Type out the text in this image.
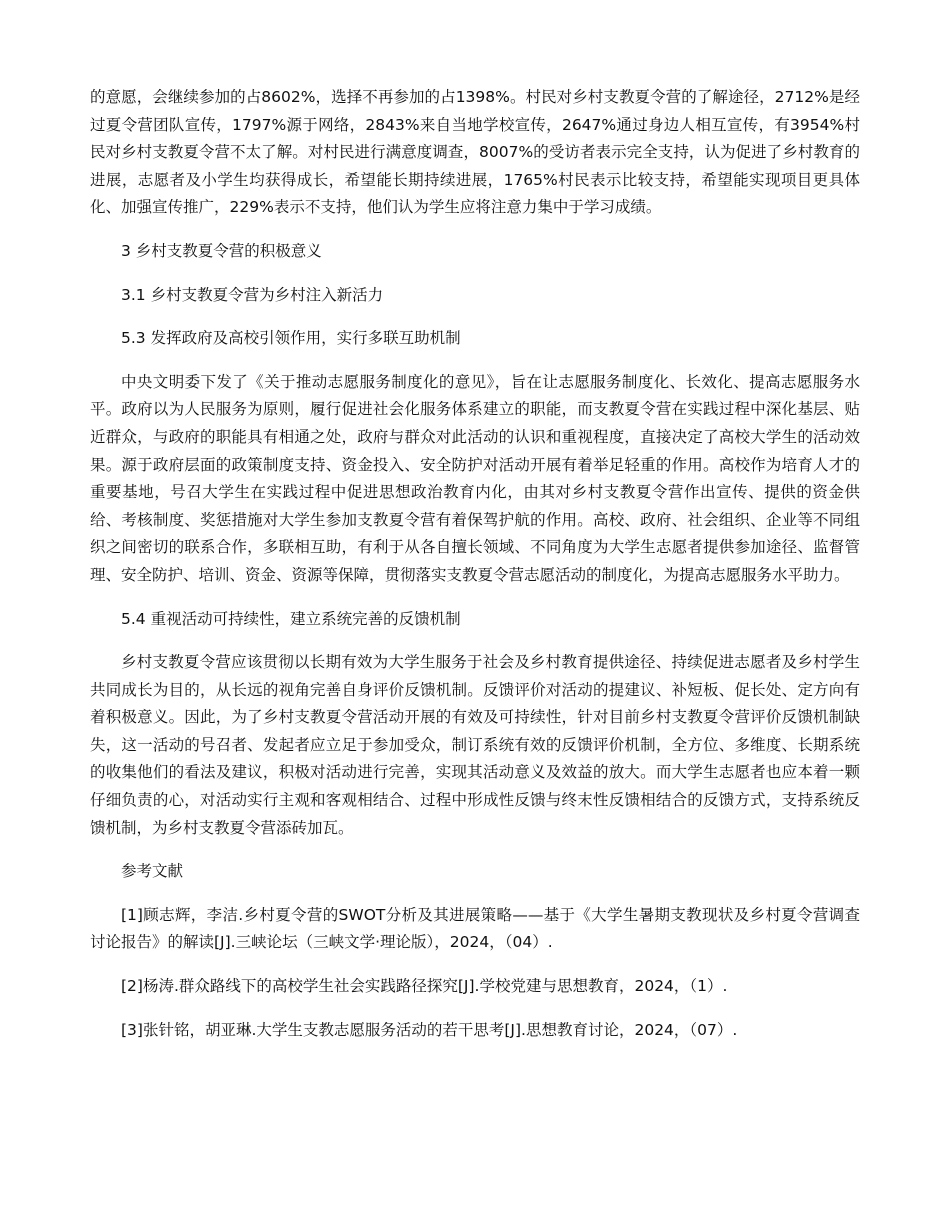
的意愿，会继续参加的占8602%，选择不再参加的占1398%。村民对乡村支教夏令营的了解途径，2712%是经过夏令营团队宣传，1797%源于网络，2843%来自当地学校宣传，2647%通过身边人相互宣传，有3954%村民对乡村支教夏令营不太了解。对村民进行满意度调查，8007%的受访者表示完全支持，认为促进了乡村教育的进展，志愿者及小学生均获得成长，希望能长期持续进展，1765%村民表示比较支持，希望能实现项目更具体化、加强宣传推广，229%表示不支持，他们认为学生应将注意力集中于学习成绩。

3 乡村支教夏令营的积极意义

3.1 乡村支教夏令营为乡村注入新活力

5.3 发挥政府及高校引领作用，实行多联互助机制

中央文明委下发了《关于推动志愿服务制度化的意见》，旨在让志愿服务制度化、长效化、提高志愿服务水平。政府以为人民服务为原则，履行促进社会化服务体系建立的职能，而支教夏令营在实践过程中深化基层、贴近群众，与政府的职能具有相通之处，政府与群众对此活动的认识和重视程度，直接决定了高校大学生的活动效果。源于政府层面的政策制度支持、资金投入、安全防护对活动开展有着举足轻重的作用。高校作为培育人才的重要基地，号召大学生在实践过程中促进思想政治教育内化，由其对乡村支教夏令营作出宣传、提供的资金供给、考核制度、奖惩措施对大学生参加支教夏令营有着保驾护航的作用。高校、政府、社会组织、企业等不同组织之间密切的联系合作，多联相互助，有利于从各自擅长领域、不同角度为大学生志愿者提供参加途径、监督管理、安全防护、培训、资金、资源等保障，贯彻落实支教夏令营志愿活动的制度化，为提高志愿服务水平助力。

5.4 重视活动可持续性，建立系统完善的反馈机制

乡村支教夏令营应该贯彻以长期有效为大学生服务于社会及乡村教育提供途径、持续促进志愿者及乡村学生共同成长为目的，从长远的视角完善自身评价反馈机制。反馈评价对活动的提建议、补短板、促长处、定方向有着积极意义。因此，为了乡村支教夏令营活动开展的有效及可持续性，针对目前乡村支教夏令营评价反馈机制缺失，这一活动的号召者、发起者应立足于参加受众，制订系统有效的反馈评价机制，全方位、多维度、长期系统的收集他们的看法及建议，积极对活动进行完善，实现其活动意义及效益的放大。而大学生志愿者也应本着一颗仔细负责的心，对活动实行主观和客观相结合、过程中形成性反馈与终末性反馈相结合的反馈方式，支持系统反馈机制，为乡村支教夏令营添砖加瓦。

参考文献

[1]顾志辉，李洁.乡村夏令营的SWOT分析及其进展策略——基于《大学生暑期支教现状及乡村夏令营调查讨论报告》的解读[J].三峡论坛（三峡文学·理论版），2024，（04）.

[2]杨涛.群众路线下的高校学生社会实践路径探究[J].学校党建与思想教育，2024，（1）.

[3]张针铭，胡亚琳.大学生支教志愿服务活动的若干思考[J].思想教育讨论，2024，（07）.
